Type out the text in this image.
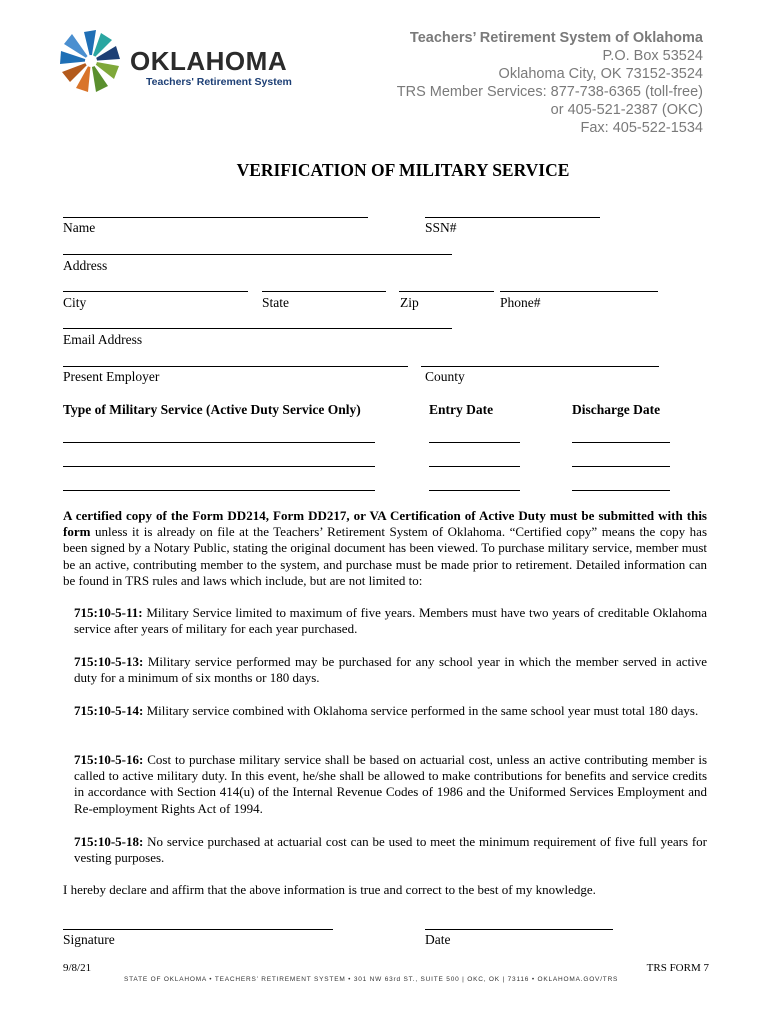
OKLAHOMA
Teachers' Retirement System
Teachers’ Retirement System of Oklahoma
P.O. Box 53524
Oklahoma City, OK 73152-3524
TRS Member Services: 877-738-6365 (toll-free)
or 405-521-2387 (OKC)
Fax: 405-522-1534
VERIFICATION OF MILITARY SERVICE
Name	SSN#
Address
City	State	Zip	Phone#
Email Address
Present Employer	County
Type of Military Service (Active Duty Service Only)	Entry Date	Discharge Date
A certified copy of the Form DD214, Form DD217, or VA Certification of Active Duty must be submitted with this form unless it is already on file at the Teachers’ Retirement System of Oklahoma. “Certified copy” means the copy has been signed by a Notary Public, stating the original document has been viewed. To purchase military service, member must be an active, contributing member to the system, and purchase must be made prior to retirement. Detailed information can be found in TRS rules and laws which include, but are not limited to:
715:10-5-11: Military Service limited to maximum of five years. Members must have two years of creditable Oklahoma service after years of military for each year purchased.
715:10-5-13: Military service performed may be purchased for any school year in which the member served in active duty for a minimum of six months or 180 days.
715:10-5-14: Military service combined with Oklahoma service performed in the same school year must total 180 days.
715:10-5-16: Cost to purchase military service shall be based on actuarial cost, unless an active contributing member is called to active military duty. In this event, he/she shall be allowed to make contributions for benefits and service credits in accordance with Section 414(u) of the Internal Revenue Codes of 1986 and the Uniformed Services Employment and Re-employment Rights Act of 1994.
715:10-5-18: No service purchased at actuarial cost can be used to meet the minimum requirement of five full years for vesting purposes.
I hereby declare and affirm that the above information is true and correct to the best of my knowledge.
Signature	Date
9/8/21	TRS FORM 7
STATE OF OKLAHOMA • TEACHERS’ RETIREMENT SYSTEM • 301 NW 63rd ST., SUITE 500 | OKC, OK | 73116 • OKLAHOMA.GOV/TRS
